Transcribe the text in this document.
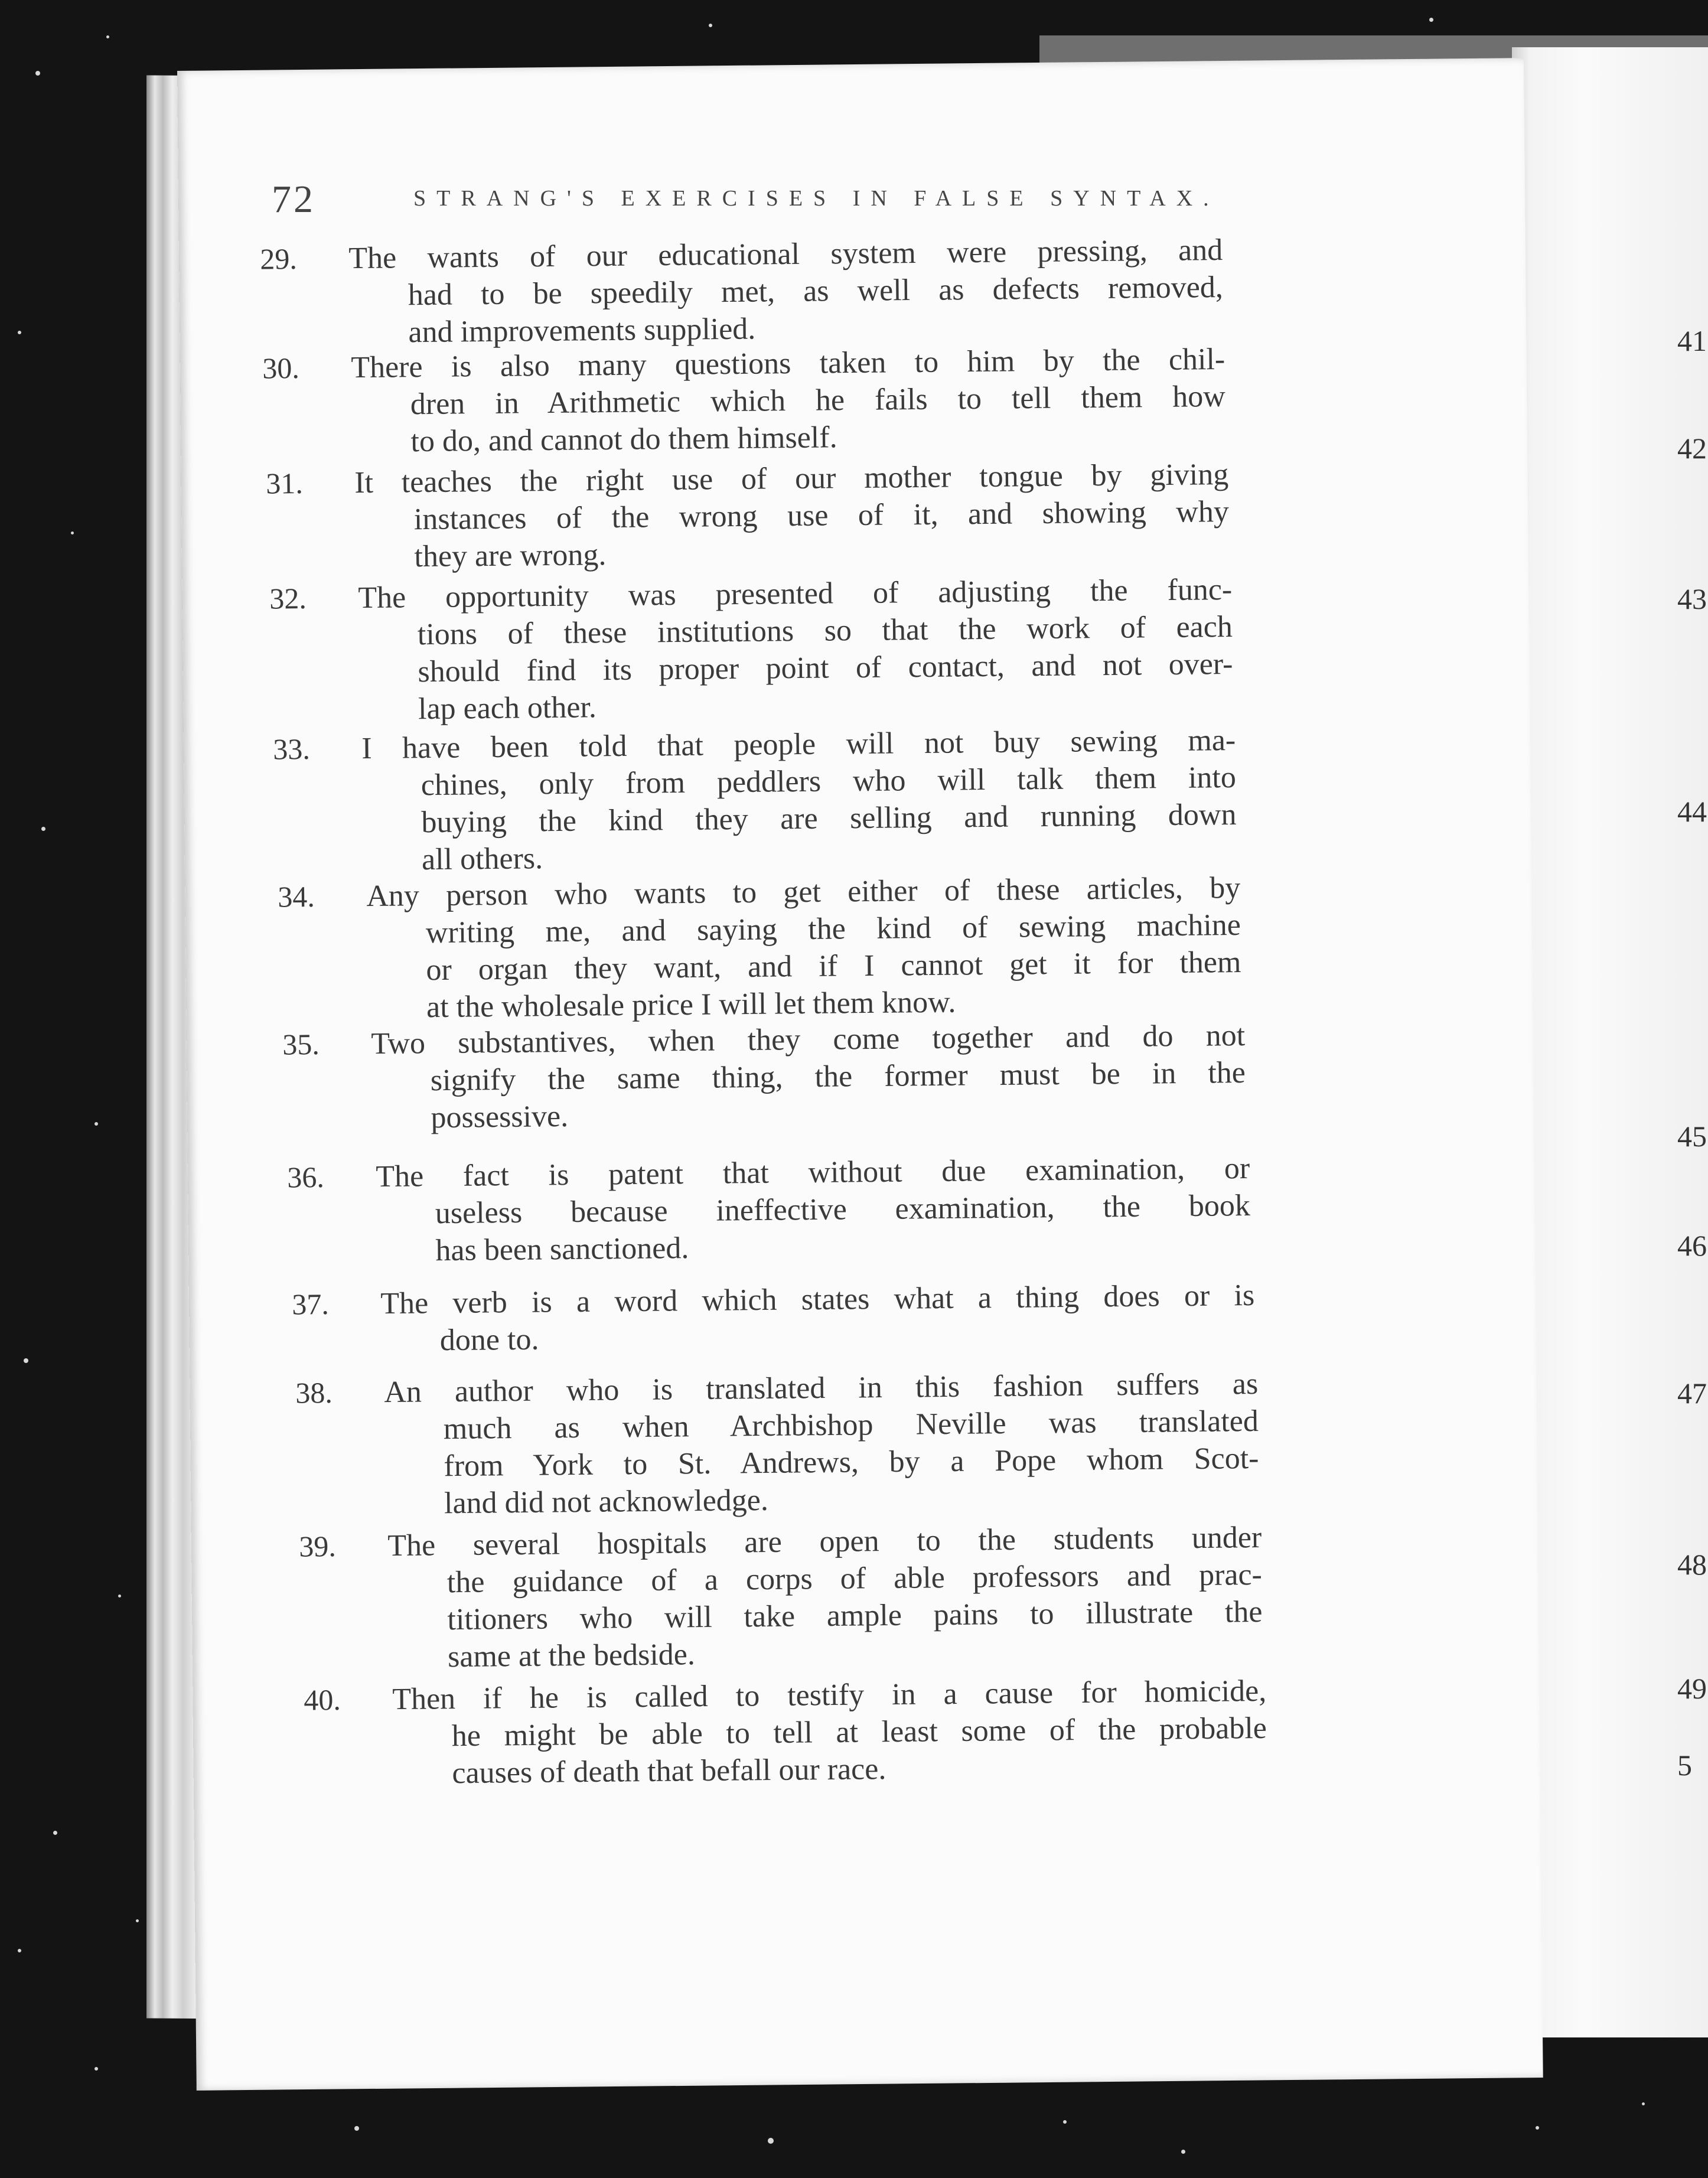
72	STRANG'S EXERCISES IN FALSE SYNTAX.
29.	The wants of our educational system were pressing, and
had to be speedily met, as well as defects removed,
and improvements supplied.
30.	There is also many questions taken to him by the chil-
dren in Arithmetic which he fails to tell them how
to do, and cannot do them himself.
31.	It teaches the right use of our mother tongue by giving
instances of the wrong use of it, and showing why
they are wrong.
32.	The opportunity was presented of adjusting the func-
tions of these institutions so that the work of each
should find its proper point of contact, and not over-
lap each other.
33.	I have been told that people will not buy sewing ma-
chines, only from peddlers who will talk them into
buying the kind they are selling and running down
all others.
34.	Any person who wants to get either of these articles, by
writing me, and saying the kind of sewing machine
or organ they want, and if I cannot get it for them
at the wholesale price I will let them know.
35.	Two substantives, when they come together and do not
signify the same thing, the former must be in the
possessive.
36.	The fact is patent that without due examination, or
useless because ineffective examination, the book
has been sanctioned.
37.	The verb is a word which states what a thing does or is
done to.
38.	An author who is translated in this fashion suffers as
much as when Archbishop Neville was translated
from York to St. Andrews, by a Pope whom Scot-
land did not acknowledge.
39.	The several hospitals are open to the students under
the guidance of a corps of able professors and prac-
titioners who will take ample pains to illustrate the
same at the bedside.
40.	Then if he is called to testify in a cause for homicide,
he might be able to tell at least some of the probable
causes of death that befall our race.
41
42
43
44
45
46
47
48
49
5
